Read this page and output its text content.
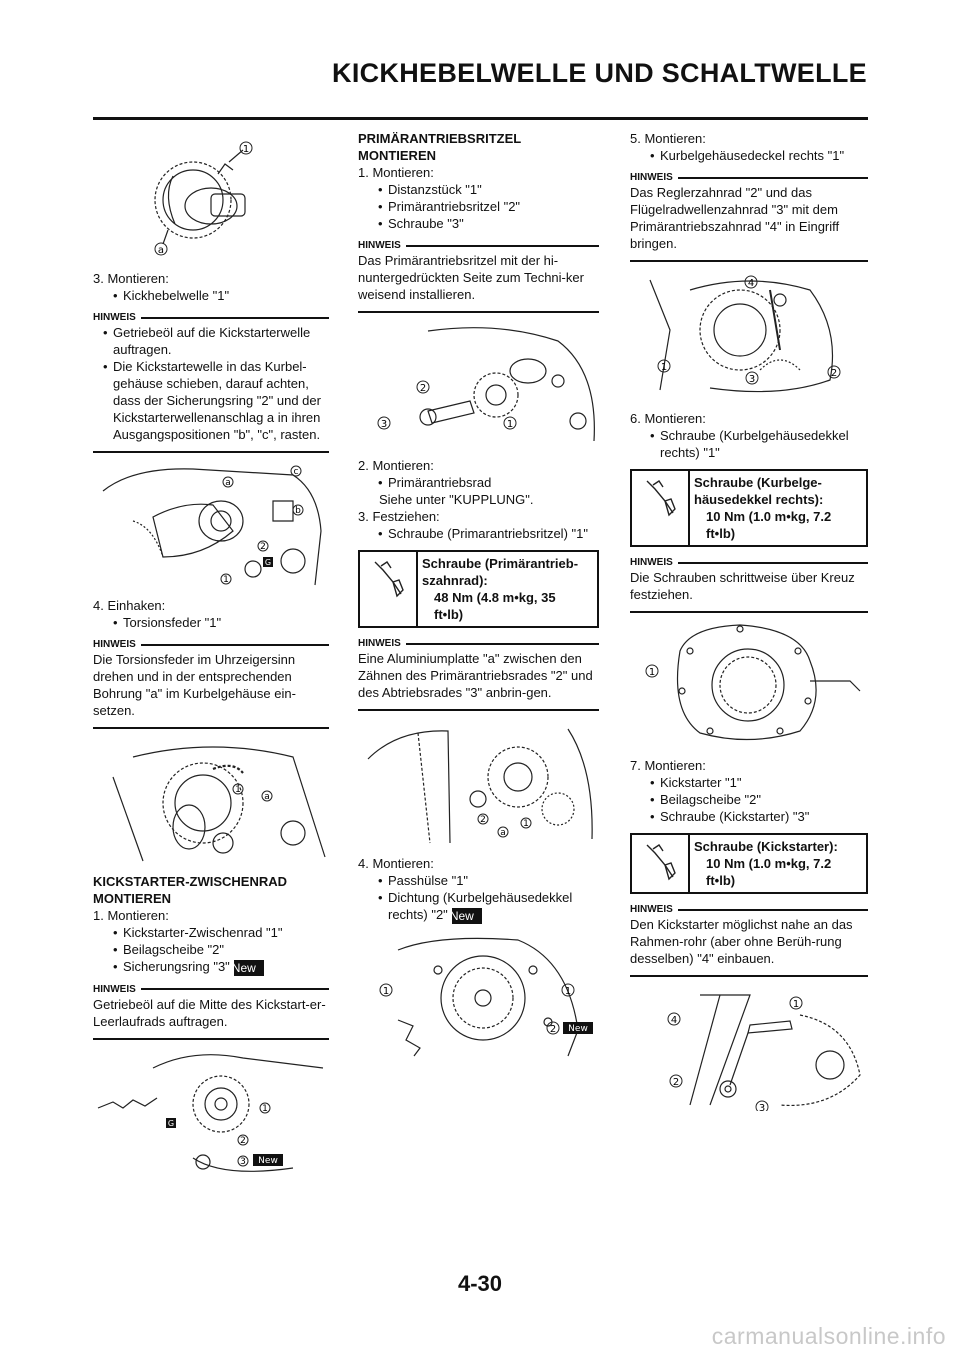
KICKHEBELWELLE UND SCHALTWELLE
1
a

3. Montieren:

• Kickhebelwelle "1"

HINWEIS

• Getriebeöl auf die Kickstarterwelle auftragen.

• Die Kickstartewelle in das Kurbel-gehäuse schieben, darauf achten, dass der Sicherungsring "2" und der Kickstarterwellenanschlag a in ihren Ausgangspositionen "b", "c", rasten.

a
c
b
2
G
1

4. Einhaken:

• Torsionsfeder "1"

HINWEIS

Die Torsionsfeder im Uhrzeigersinn drehen und in der entsprechenden Bohrung "a" im Kurbelgehäuse ein-setzen.

1
a

KICKSTARTER-ZWISCHENRAD

MONTIEREN

1. Montieren:

• Kickstarter-Zwischenrad "1"

• Beilagscheibe "2"

• Sicherungsring "3" New

HINWEIS

Getriebeöl auf die Mitte des Kickstart-er-Leerlaufrads auftragen.

G
1
2
3 New

PRIMÄRANTRIEBSRITZEL

MONTIEREN

1. Montieren:

• Distanzstück "1"

• Primärantriebsritzel "2"

• Schraube "3"

HINWEIS

Das Primärantriebsritzel mit der hi-nuntergedrückten Seite zum Techni-ker weisend installieren.

2
3	1

2. Montieren:

• Primärantriebsrad

Siehe unter "KUPPLUNG".

3. Festziehen:

• Schraube (Primarantriebsritzel) "1"

Schraube (Primärantrieb-
szahnrad):
48 Nm (4.8 m•kg, 35
ft•lb)
HINWEIS

Eine Aluminiumplatte "a" zwischen den Zähnen des Primärantriebsrades "2" und des Abtriebsrades "3" anbrin-gen.

2	1
a

4. Montieren:

• Passhülse "1"

• Dichtung (Kurbelgehäusedekkel rechts) "2" New

1	1
2 New

5. Montieren:

• Kurbelgehäusedeckel rechts "1"

HINWEIS

Das Reglerzahnrad "2" und das Flügelradwellenzahnrad "3" mit dem Primärantriebszahnrad "4" in Eingriff bringen.

4
1
3
2

6. Montieren:

• Schraube (Kurbelgehäusedekkel rechts) "1"

Schraube (Kurbelge-
häusedekkel rechts):
10 Nm (1.0 m•kg, 7.2
ft•lb)
HINWEIS

Die Schrauben schrittweise über Kreuz festziehen.

1

7. Montieren:

• Kickstarter "1"

• Beilagscheibe "2"

• Schraube (Kickstarter) "3"

Schraube (Kickstarter):
10 Nm (1.0 m•kg, 7.2
ft•lb)
HINWEIS

Den Kickstarter möglichst nahe an das Rahmen-rohr (aber ohne Berüh-rung desselben) "4" einbauen.

1
4
2
3
4-30
carmanualsonline.info
